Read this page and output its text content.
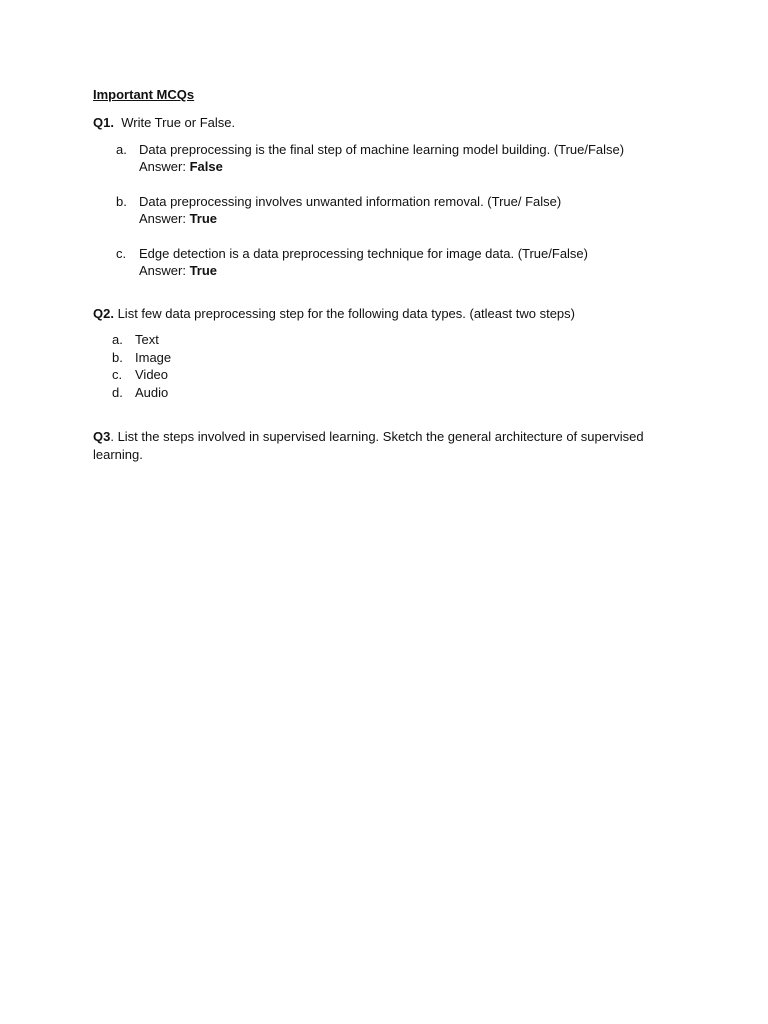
Important MCQs

Q1. Write True or False.

a. Data preprocessing is the final step of machine learning model building. (True/False)
Answer: False
b. Data preprocessing involves unwanted information removal. (True/ False)
Answer: True
c. Edge detection is a data preprocessing technique for image data. (True/False)
Answer: True

Q2. List few data preprocessing step for the following data types. (atleast two steps)

a. Text
b. Image
c. Video
d. Audio

Q3. List the steps involved in supervised learning. Sketch the general architecture of supervised learning.
